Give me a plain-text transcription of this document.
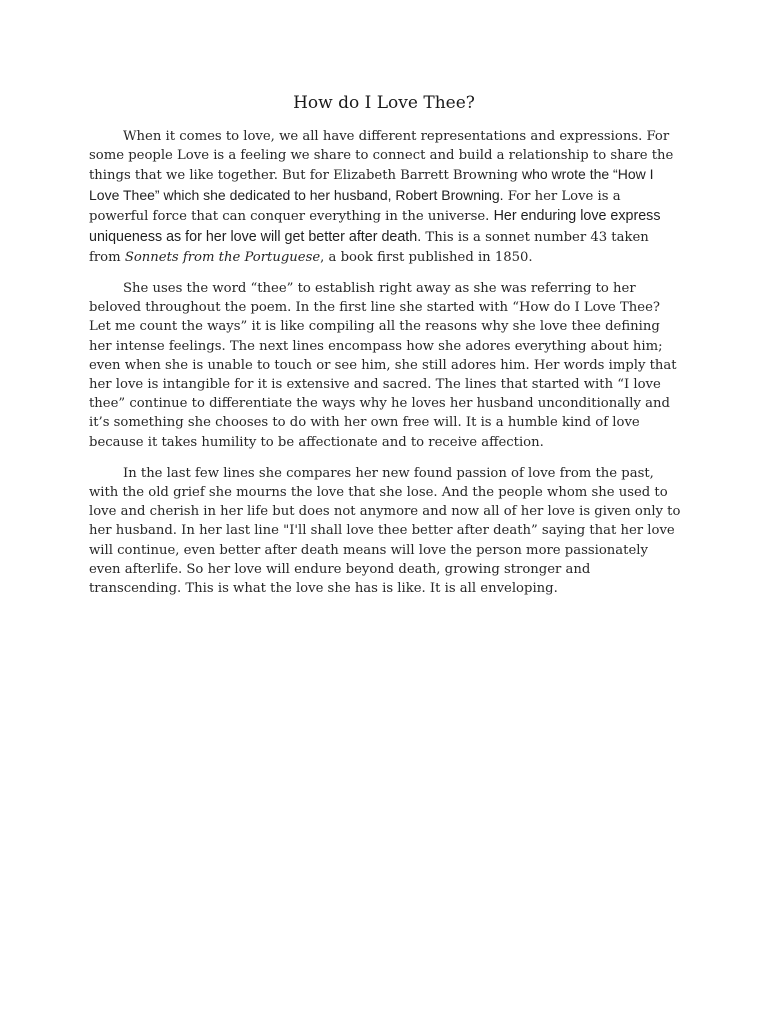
How do I Love Thee?

When it comes to love, we all have different representations and expressions. For some people Love is a feeling we share to connect and build a relationship to share the things that we like together. But for Elizabeth Barrett Browning who wrote the “How I Love Thee” which she dedicated to her husband, Robert Browning. For her Love is a powerful force that can conquer everything in the universe. Her enduring love express uniqueness as for her love will get better after death. This is a sonnet number 43 taken from Sonnets from the Portuguese, a book first published in 1850.

She uses the word “thee” to establish right away as she was referring to her beloved throughout the poem. In the first line she started with “How do I Love Thee? Let me count the ways” it is like compiling all the reasons why she love thee defining her intense feelings. The next lines encompass how she adores everything about him; even when she is unable to touch or see him, she still adores him. Her words imply that her love is intangible for it is extensive and sacred. The lines that started with “I love thee” continue to differentiate the ways why he loves her husband unconditionally and it’s something she chooses to do with her own free will. It is a humble kind of love because it takes humility to be affectionate and to receive affection.

In the last few lines she compares her new found passion of love from the past, with the old grief she mourns the love that she lose. And the people whom she used to love and cherish in her life but does not anymore and now all of her love is given only to her husband. In her last line "I'll shall love thee better after death” saying that her love will continue, even better after death means will love the person more passionately even afterlife. So her love will endure beyond death, growing stronger and transcending. This is what the love she has is like. It is all enveloping.
